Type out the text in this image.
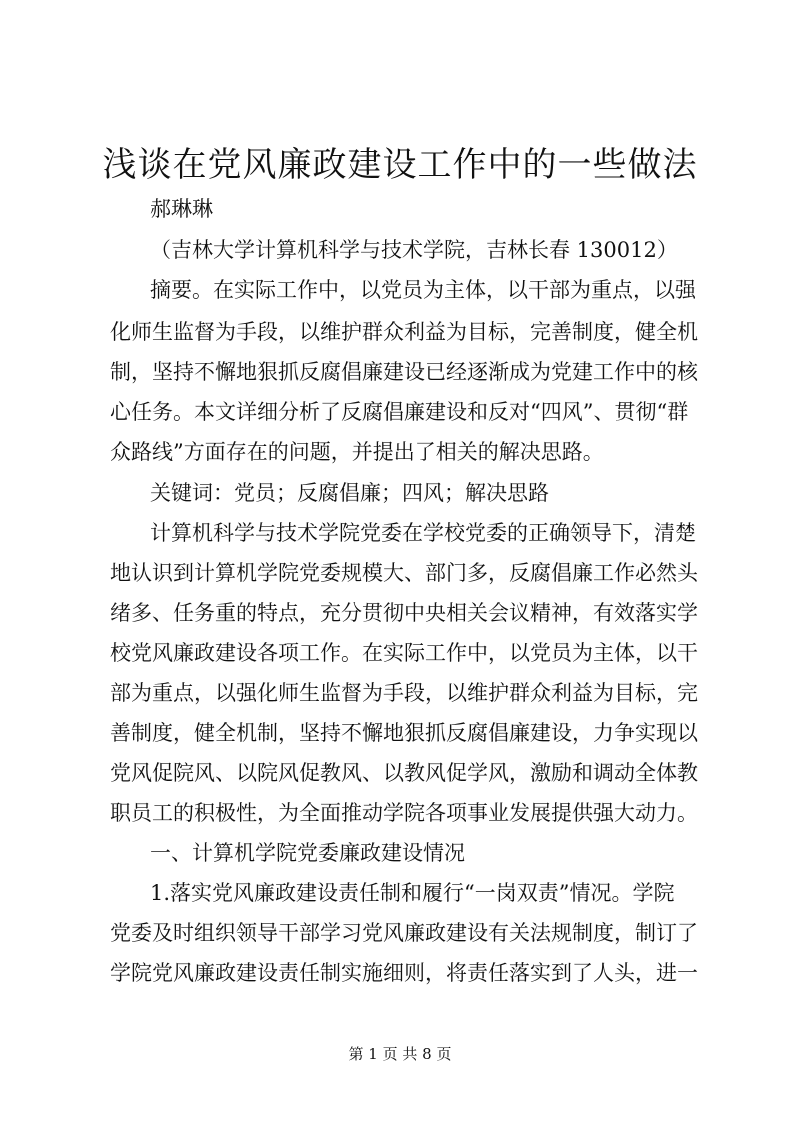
浅谈在党风廉政建设工作中的一些做法

郝琳琳

（吉林大学计算机科学与技术学院，吉林长春 130012）

摘要。在实际工作中，以党员为主体，以干部为重点，以强

化师生监督为手段，以维护群众利益为目标，完善制度，健全机

制，坚持不懈地狠抓反腐倡廉建设已经逐渐成为党建工作中的核

心任务。本文详细分析了反腐倡廉建设和反对“四风”、贯彻“群

众路线”方面存在的问题，并提出了相关的解决思路。

关键词：党员；反腐倡廉；四风；解决思路

计算机科学与技术学院党委在学校党委的正确领导下，清楚

地认识到计算机学院党委规模大、部门多，反腐倡廉工作必然头

绪多、任务重的特点，充分贯彻中央相关会议精神，有效落实学

校党风廉政建设各项工作。在实际工作中，以党员为主体，以干

部为重点，以强化师生监督为手段，以维护群众利益为目标，完

善制度，健全机制，坚持不懈地狠抓反腐倡廉建设，力争实现以

党风促院风、以院风促教风、以教风促学风，激励和调动全体教

职员工的积极性，为全面推动学院各项事业发展提供强大动力。

一、计算机学院党委廉政建设情况

1.落实党风廉政建设责任制和履行“一岗双责”情况。学院

党委及时组织领导干部学习党风廉政建设有关法规制度，制订了

学院党风廉政建设责任制实施细则，将责任落实到了人头，进一

第 1 页 共 8 页
